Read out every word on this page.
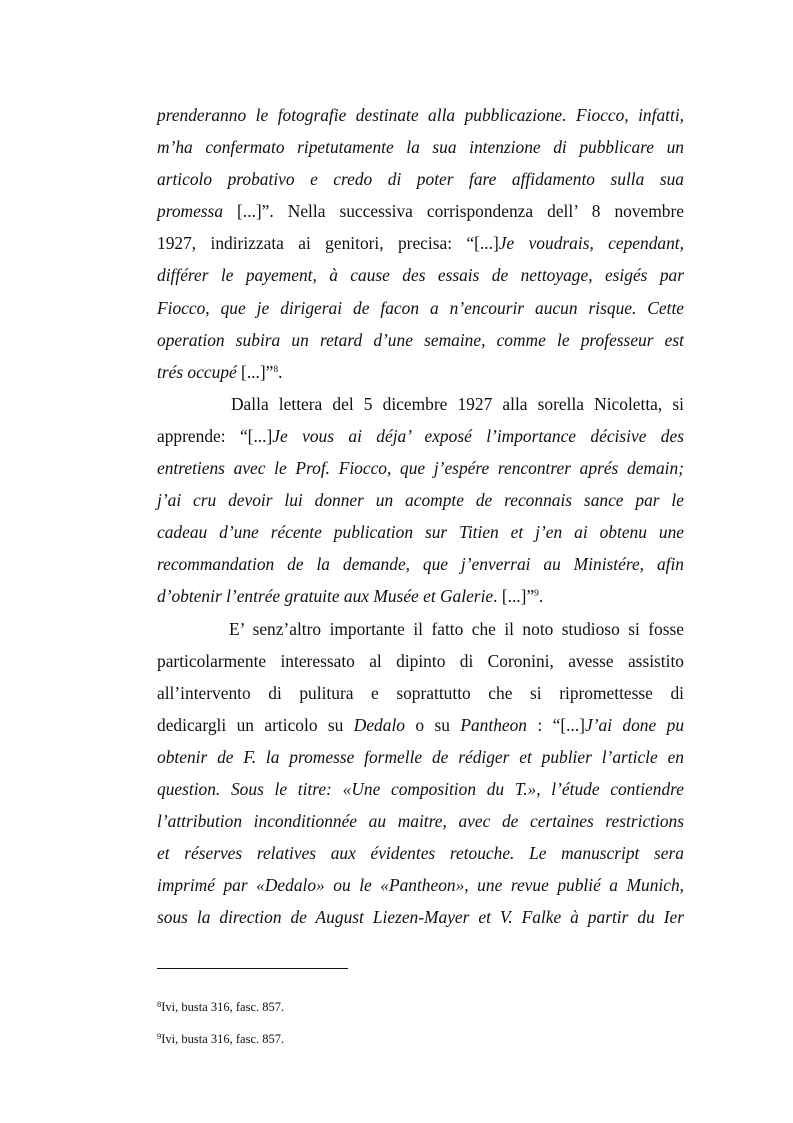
prenderanno le fotografie destinate alla pubblicazione. Fiocco, infatti,
m’ha confermato ripetutamente la sua intenzione di pubblicare un
articolo probativo e credo di poter fare affidamento sulla sua
promessa [...]”. Nella successiva corrispondenza dell’ 8 novembre
1927, indirizzata ai genitori, precisa: “[...]Je voudrais, cependant,
différer le payement, à cause des essais de nettoyage, esigés par
Fiocco, que je dirigerai de facon a n’encourir aucun risque. Cette
operation subira un retard d’une semaine, comme le professeur est
trés occupé [...]”$^8$.
Dalla lettera del 5 dicembre 1927 alla sorella Nicoletta, si
apprende: “[...]Je vous ai déja’ exposé l’importance décisive des
entretiens avec le Prof. Fiocco, que j’espére rencontrer aprés demain;
j’ai cru devoir lui donner un acompte de reconnais sance par le
cadeau d’une récente publication sur Titien et j’en ai obtenu une
recommandation de la demande, que j’enverrai au Ministére, afin
d’obtenir l’entrée gratuite aux Musée et Galerie. [...]”$^9$.
E’ senz’altro importante il fatto che il noto studioso si fosse
particolarmente interessato al dipinto di Coronini, avesse assistito
all’intervento di pulitura e soprattutto che si ripromettesse di
dedicargli un articolo su Dedalo o su Pantheon : “[...]J’ai done pu
obtenir de F. la promesse formelle de rédiger et publier l’article en
question. Sous le titre: «Une composition du T.», l’étude contiendre
l’attribution inconditionnée au maitre, avec de certaines restrictions
et réserves relatives aux évidentes retouche. Le manuscript sera
imprimé par «Dedalo» ou le «Pantheon», une revue publié a Munich,
sous la direction de August Liezen-Mayer et V. Falke à partir du Ier
$^8$Ivi, busta 316, fasc. 857.
$^9$Ivi, busta 316, fasc. 857.
